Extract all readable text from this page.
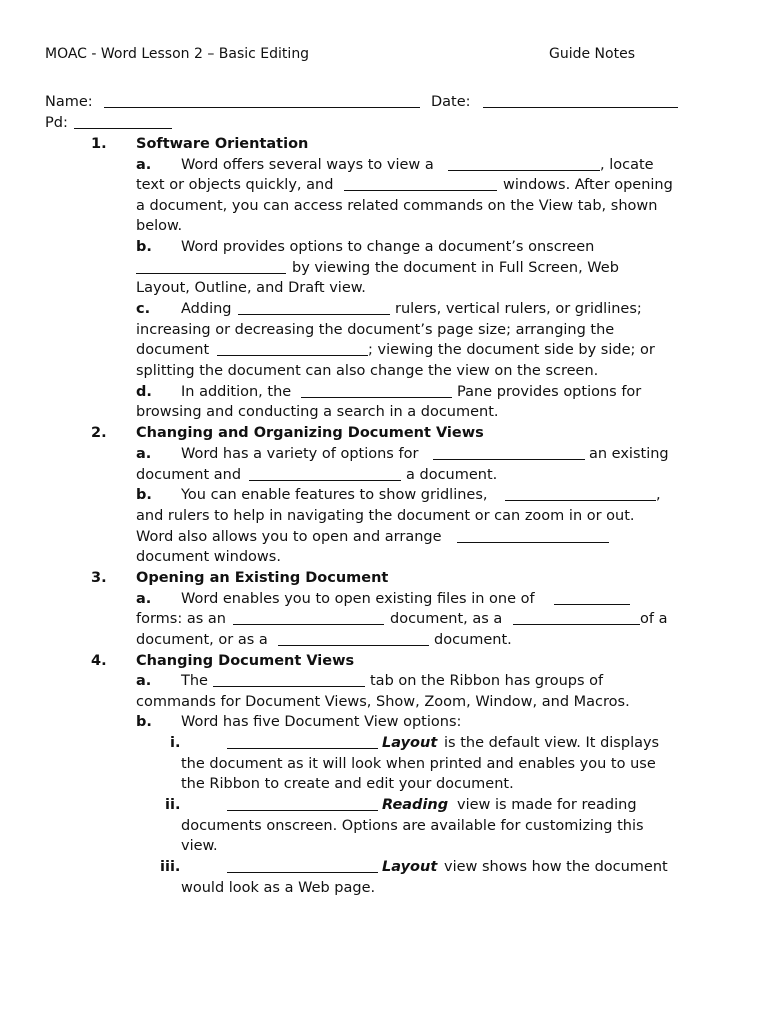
MOAC - Word Lesson 2 – Basic Editing	Guide Notes
Name:	Date:
Pd:
1. Software Orientation
a. Word offers several ways to view a	, locate
text or objects quickly, and	windows. After opening
a document, you can access related commands on the View tab, shown
below.
b. Word provides options to change a document’s onscreen
by viewing the document in Full Screen, Web
Layout, Outline, and Draft view.
c. Adding	rulers, vertical rulers, or gridlines;
increasing or decreasing the document’s page size; arranging the
document	; viewing the document side by side; or
splitting the document can also change the view on the screen.
d. In addition, the	Pane provides options for
browsing and conducting a search in a document.
2. Changing and Organizing Document Views
a. Word has a variety of options for	an existing
document and	a document.
b. You can enable features to show gridlines,	,
and rulers to help in navigating the document or can zoom in or out.
Word also allows you to open and arrange
document windows.
3. Opening an Existing Document
a. Word enables you to open existing files in one of
forms: as an	document, as a	of a
document, or as a	document.
4. Changing Document Views
a. The	tab on the Ribbon has groups of
commands for Document Views, Show, Zoom, Window, and Macros.
b. Word has five Document View options:
i.	Layout is the default view. It displays
the document as it will look when printed and enables you to use
the Ribbon to create and edit your document.
ii.	Reading view is made for reading
documents onscreen. Options are available for customizing this
view.
iii.	Layout view shows how the document
would look as a Web page.
